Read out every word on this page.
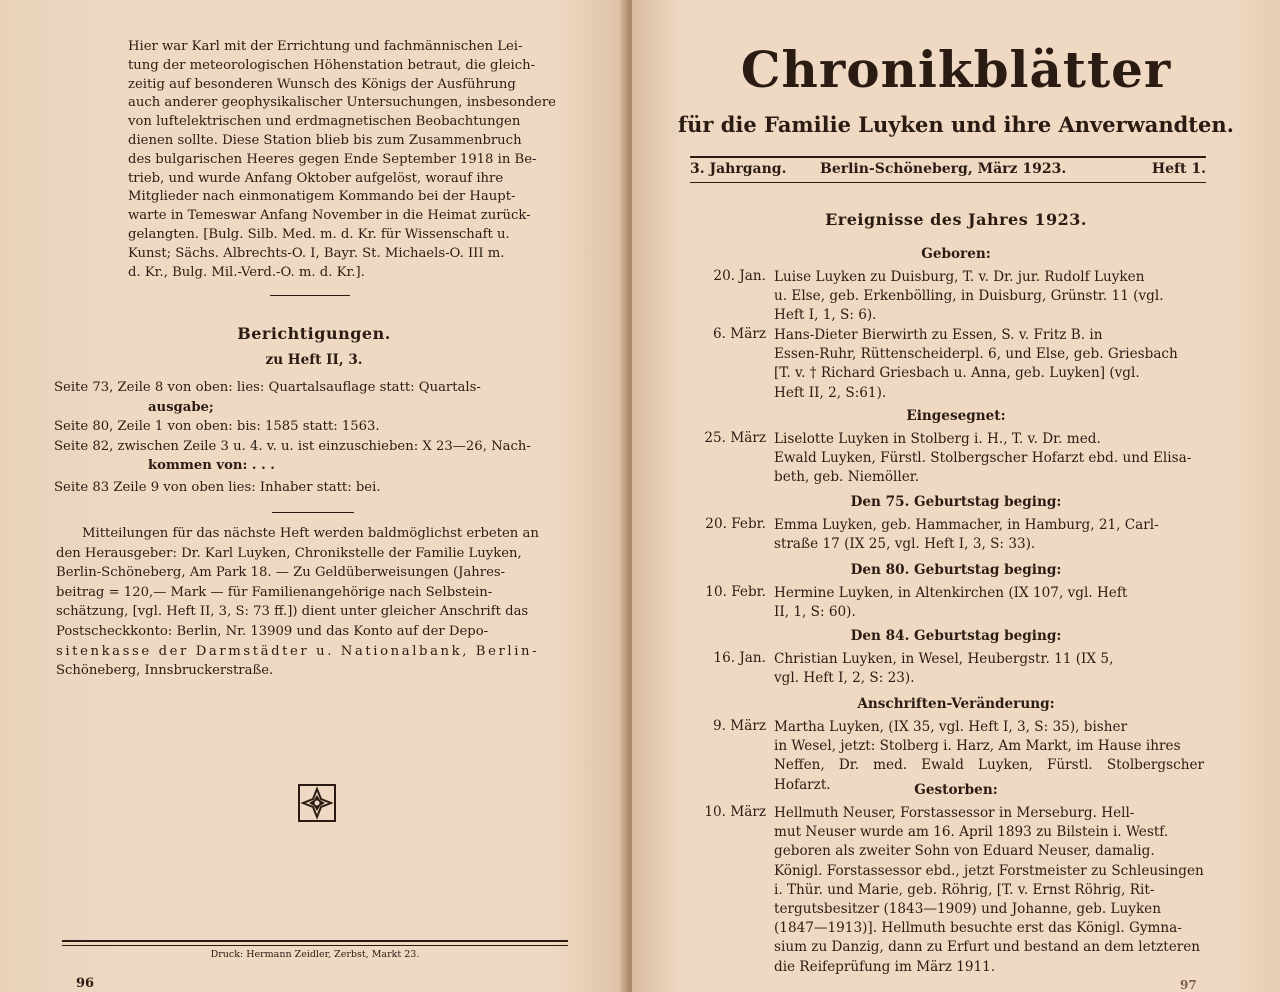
Hier war Karl mit der Errichtung und fachmännischen Lei-

tung der meteorologischen Höhenstation betraut, die gleich-

zeitig auf besonderen Wunsch des Königs der Ausführung

auch anderer geophysikalischer Untersuchungen, insbesondere

von luftelektrischen und erdmagnetischen Beobachtungen

dienen sollte. Diese Station blieb bis zum Zusammenbruch

des bulgarischen Heeres gegen Ende September 1918 in Be-

trieb, und wurde Anfang Oktober aufgelöst, worauf ihre

Mitglieder nach einmonatigem Kommando bei der Haupt-

warte in Temeswar Anfang November in die Heimat zurück-

gelangten. [Bulg. Silb. Med. m. d. Kr. für Wissenschaft u.

Kunst; Sächs. Albrechts-O. I, Bayr. St. Michaels-O. III m.

d. Kr., Bulg. Mil.-Verd.-O. m. d. Kr.].

Berichtigungen.
zu Heft II, 3.
Seite 73, Zeile 8 von oben: lies: Quartalsauflage statt: Quartals-
ausgabe;
Seite 80, Zeile 1 von oben: bis: 1585 statt: 1563.
Seite 82, zwischen Zeile 3 u. 4. v. u. ist einzuschieben: X 23—26, Nach-
kommen von: . . .
Seite 83 Zeile 9 von oben lies: Inhaber statt: bei.

Mitteilungen für das nächste Heft werden baldmöglichst erbeten an

den Herausgeber: Dr. Karl Luyken, Chronikstelle der Familie Luyken,

Berlin-Schöneberg, Am Park 18. — Zu Geldüberweisungen (Jahres-

beitrag = 120,— Mark — für Familienangehörige nach Selbstein-

schätzung, [vgl. Heft II, 3, S: 73 ff.]) dient unter gleicher Anschrift das

Postscheckkonto: Berlin, Nr. 13909 und das Konto auf der Depo-

sitenkasse der Darmstädter u. Nationalbank, Berlin-

Schöneberg, Innsbruckerstraße.

Druck: Hermann Zeidler, Zerbst, Markt 23.
96
Chronikblätter
für die Familie Luyken und ihre Anverwandten.
3. Jahrgang. Berlin-Schöneberg, März 1923.	Heft 1.
Ereignisse des Jahres 1923.
Geboren:
20. Jan. Luise Luyken zu Duisburg, T. v. Dr. jur. Rudolf Luyken
u. Else, geb. Erkenbölling, in Duisburg, Grünstr. 11 (vgl.
Heft I, 1, S: 6).
6. März Hans-Dieter Bierwirth zu Essen, S. v. Fritz B. in
Essen-Ruhr, Rüttenscheiderpl. 6, und Else, geb. Griesbach
[T. v. † Richard Griesbach u. Anna, geb. Luyken] (vgl.
Heft II, 2, S:61).
Eingesegnet:
25. März Liselotte Luyken in Stolberg i. H., T. v. Dr. med.
Ewald Luyken, Fürstl. Stolbergscher Hofarzt ebd. und Elisa-
beth, geb. Niemöller.
Den 75. Geburtstag beging:
20. Febr. Emma Luyken, geb. Hammacher, in Hamburg, 21, Carl-
straße 17 (IX 25, vgl. Heft I, 3, S: 33).
Den 80. Geburtstag beging:
10. Febr. Hermine Luyken, in Altenkirchen (IX 107, vgl. Heft
II, 1, S: 60).
Den 84. Geburtstag beging:
16. Jan. Christian Luyken, in Wesel, Heubergstr. 11 (IX 5,
vgl. Heft I, 2, S: 23).
Anschriften-Veränderung:
9. März Martha Luyken, (IX 35, vgl. Heft I, 3, S: 35), bisher
in Wesel, jetzt: Stolberg i. Harz, Am Markt, im Hause ihres
Neffen, Dr. med. Ewald Luyken, Fürstl. Stolbergscher Hofarzt.	Gestorben:
10. März Hellmuth Neuser, Forstassessor in Merseburg. Hell-
mut Neuser wurde am 16. April 1893 zu Bilstein i. Westf.
geboren als zweiter Sohn von Eduard Neuser, damalig.
Königl. Forstassessor ebd., jetzt Forstmeister zu Schleusingen
i. Thür. und Marie, geb. Röhrig, [T. v. Ernst Röhrig, Rit-
tergutsbesitzer (1843—1909) und Johanne, geb. Luyken
(1847—1913)]. Hellmuth besuchte erst das Königl. Gymna-
sium zu Danzig, dann zu Erfurt und bestand an dem letzteren
die Reifeprüfung im März 1911.
97
